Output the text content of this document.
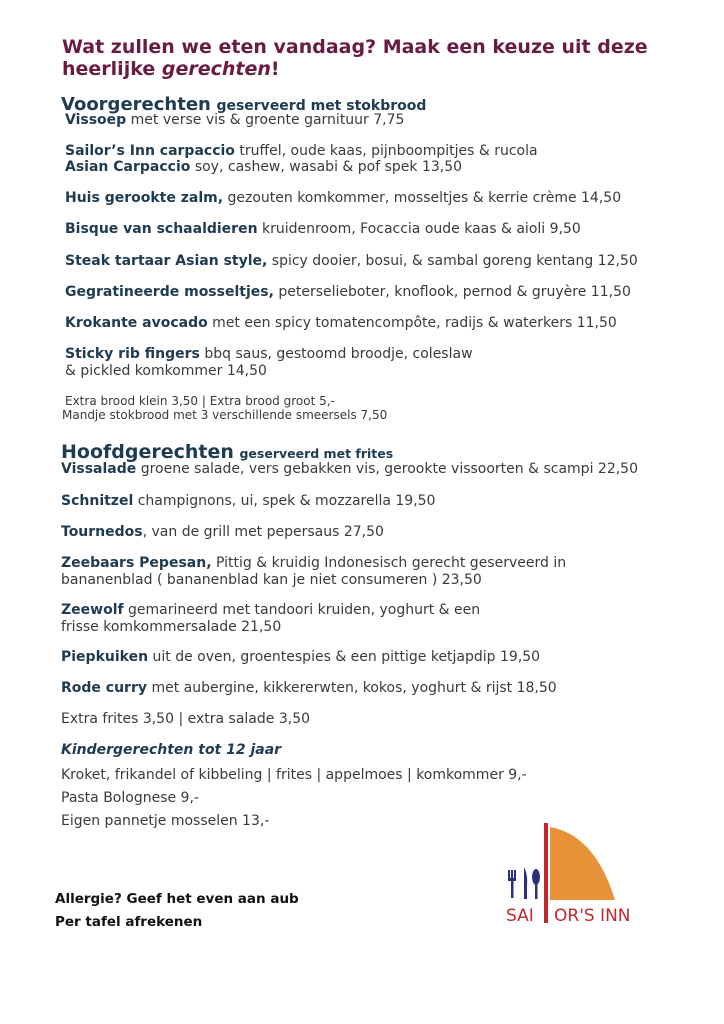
Wat zullen we eten vandaag? Maak een keuze uit deze
heerlijke gerechten!
Voorgerechten geserveerd met stokbrood
Vissoep met verse vis & groente garnituur 7,75
Sailor’s Inn carpaccio truffel, oude kaas, pijnboompitjes & rucola
Asian Carpaccio soy, cashew, wasabi & pof spek 13,50
Huis gerookte zalm, gezouten komkommer, mosseltjes & kerrie crème 14,50
Bisque van schaaldieren kruidenroom, Focaccia oude kaas & aioli 9,50
Steak tartaar Asian style, spicy dooier, bosui, & sambal goreng kentang 12,50
Gegratineerde mosseltjes, peterselieboter, knoflook, pernod & gruyère 11,50
Krokante avocado met een spicy tomatencompôte, radijs & waterkers 11,50
Sticky rib fingers bbq saus, gestoomd broodje, coleslaw
& pickled komkommer 14,50
Extra brood klein 3,50 | Extra brood groot 5,-
Mandje stokbrood met 3 verschillende smeersels 7,50
Hoofdgerechten geserveerd met frites
Vissalade groene salade, vers gebakken vis, gerookte vissoorten & scampi 22,50
Schnitzel champignons, ui, spek & mozzarella 19,50
Tournedos, van de grill met pepersaus 27,50
Zeebaars Pepesan, Pittig & kruidig Indonesisch gerecht geserveerd in
bananenblad ( bananenblad kan je niet consumeren ) 23,50
Zeewolf gemarineerd met tandoori kruiden, yoghurt & een
frisse komkommersalade 21,50
Piepkuiken uit de oven, groentespies & een pittige ketjapdip 19,50
Rode curry met aubergine, kikkererwten, kokos, yoghurt & rijst 18,50
Extra frites 3,50 | extra salade 3,50
Kindergerechten tot 12 jaar
Kroket, frikandel of kibbeling | frites | appelmoes | komkommer 9,-
Pasta Bolognese 9,-
Eigen pannetje mosselen 13,-
Allergie? Geef het even aan aub
Per tafel afrekenen	SAI OR'S INN
